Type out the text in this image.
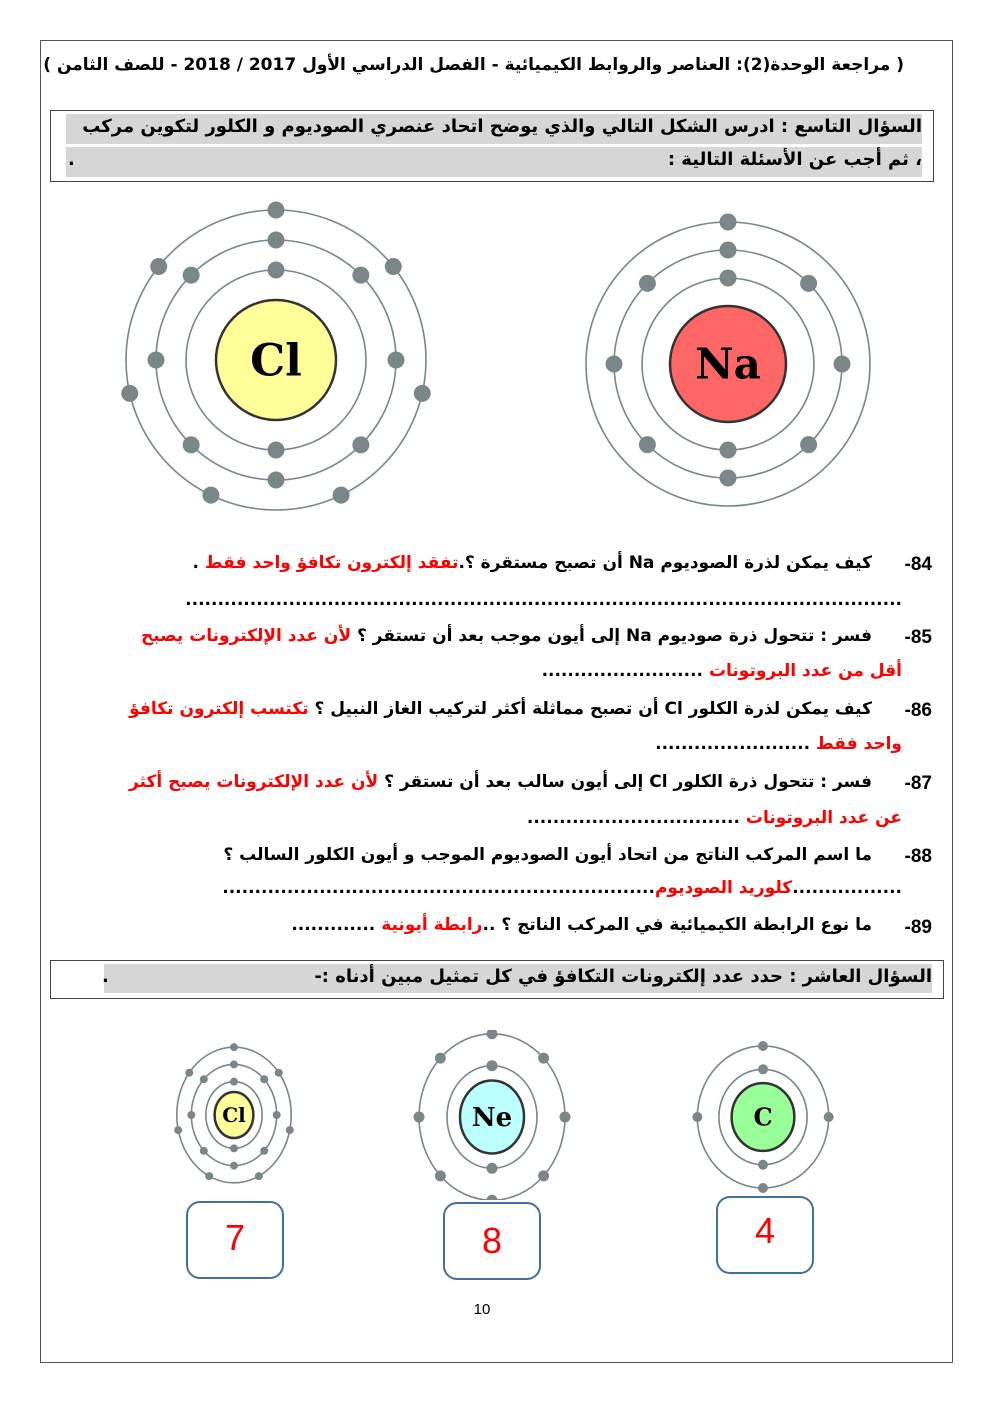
( مراجعة الوحدة(2): العناصر والروابط الكيميائية - الفصل الدراسي الأول 2017 / 2018 - للصف الثامن )
السؤال التاسع : ادرس الشكل التالي والذي يوضح اتحاد عنصري الصوديوم و الكلور لتكوين مركب
، ثم أجب عن الأسئلة التالية :
.
Cl	Na
-84
كيف يمكن لذرة الصوديوم Na أن تصبح مستقرة ؟.تفقد إلكترون تكافؤ واحد فقط .
...............................................................................................................
-85
فسر : تتحول ذرة صوديوم Na إلى أيون موجب بعد أن تستقر ؟ لأن عدد الإلكترونات يصبح
أقل من عدد البروتونات .........................
-86
كيف يمكن لذرة الكلور Cl أن تصبح مماثلة أكثر لتركيب الغاز النبيل ؟ تكتسب إلكترون تكافؤ
واحد فقط ........................
-87
فسر : تتحول ذرة الكلور Cl إلى أيون سالب بعد أن تستقر ؟ لأن عدد الإلكترونات يصبح أكثر
عن عدد البروتونات .................................
-88
ما اسم المركب الناتج من اتحاد أيون الصوديوم الموجب و أيون الكلور السالب ؟
.................كلوريد الصوديوم...................................................................
-89
ما نوع الرابطة الكيميائية في المركب الناتج ؟ ..رابطة أيونية .............
السؤال العاشر : حدد عدد إلكترونات التكافؤ في كل تمثيل مبين أدناه :-
.
Cl	Ne	C
7	8	4
10
